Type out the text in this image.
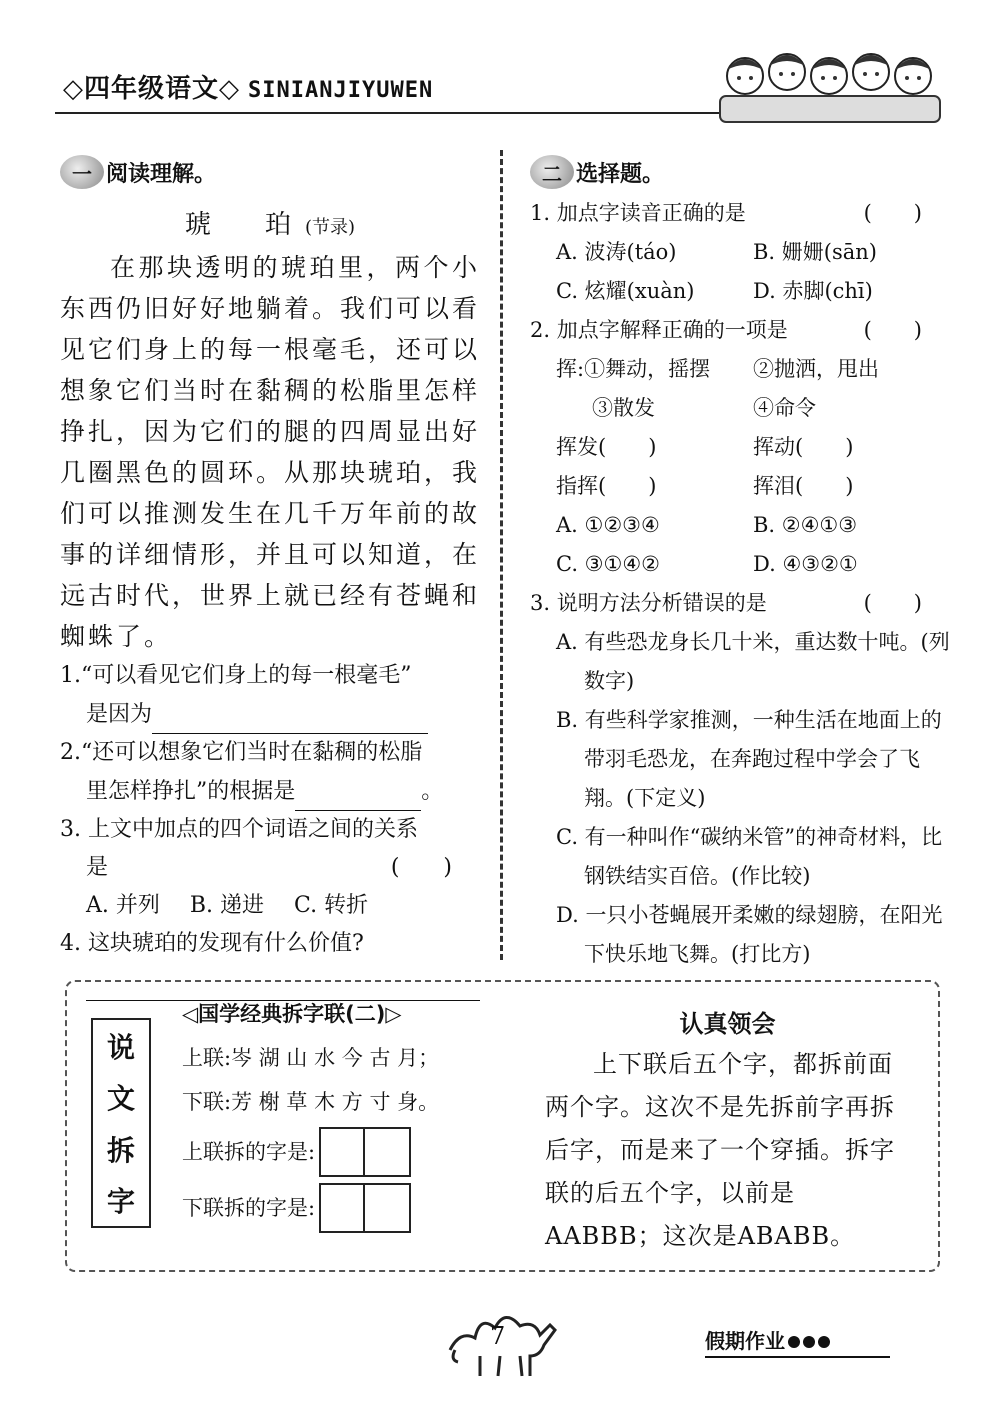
◇四年级语文◇ SINIANJIYUWEN
一 阅读理解。
琥　珀(节录)

在那块透明的琥珀里，两个小东西仍旧好好地躺着。我们可以看见它们身上的每一根毫毛，还可以想象它们当时在黏稠的松脂里怎样挣扎，因为它们的腿的四周显出好几圈黑色的圆环。从那块琥珀，我们可以推测发生在几千万年前的故事的详细情形，并且可以知道，在远古时代，世界上就已经有苍蝇和蜘蛛了。

1.“可以看见它们身上的每一根毫毛”
是因为
2.“还可以想象它们当时在黏稠的松脂
里怎样挣扎”的根据是	。
3. 上文中加点的四个词语之间的关系
是	(　　)
A. 并列 B. 递进 C. 转折
4. 这块琥珀的发现有什么价值?
二 选择题。
1. 加点字读音正确的是	(　　)
A. 波涛(táo)	B. 姗姗(sān)
C. 炫耀(xuàn)	D. 赤脚(chī)
2. 加点字解释正确的一项是	(　　)
挥:①舞动，摇摆	②抛洒，甩出
③散发	④命令
挥发(　　)	挥动(　　)
指挥(　　)	挥泪(　　)
A. ①②③④	B. ②④①③
C. ③①④②	D. ④③②①
3. 说明方法分析错误的是	(　　)
A. 有些恐龙身长几十米，重达数十吨。(列数字)
B. 有些科学家推测，一种生活在地面上的带羽毛恐龙，在奔跑过程中学会了飞翔。(下定义)
C. 有一种叫作“碳纳米管”的神奇材料，比钢铁结实百倍。(作比较)
D. 一只小苍蝇展开柔嫩的绿翅膀，在阳光下快乐地飞舞。(打比方)
说
文
拆
字
◁国学经典拆字联(二)▷
上联:岑 湖 山 水 今 古 月；
下联:芳 榭 草 木 方 寸 身。
上联拆的字是:
下联拆的字是:
认真领会

上下联后五个字，都拆前面两个字。这次不是先拆前字再拆后字，而是来了一个穿插。拆字联的后五个字，以前是AABBB；这次是ABABB。

7	假期作业
